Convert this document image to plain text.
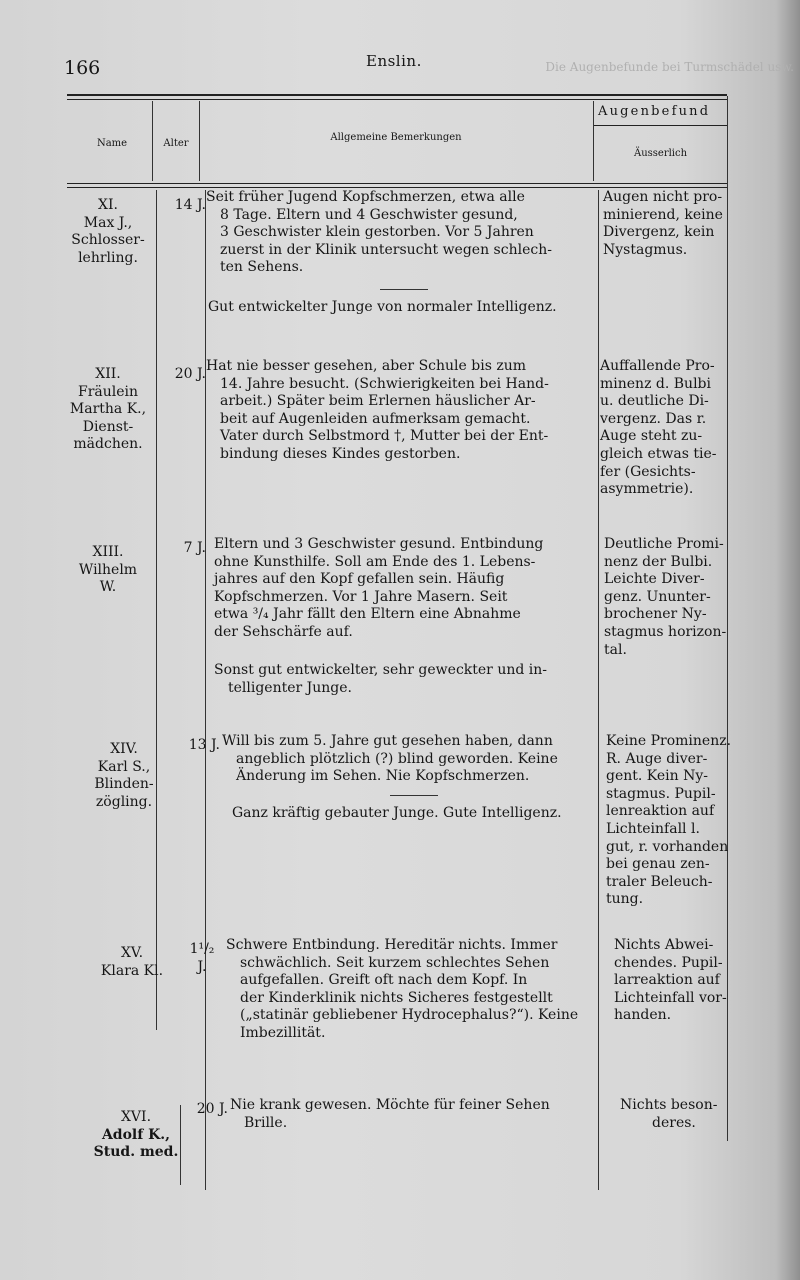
Die Augenbefunde bei Turmschädel usw.
166	Enslin.
Name	Alter
Allgemeine Bemerkungen
Augenbefund
Äusserlich
XI.
Max J.,
Schlosser-
lehrling.
14 J. Seit früher Jugend Kopfschmerzen, etwa alle
8 Tage. Eltern und 4 Geschwister gesund,
3 Geschwister klein gestorben. Vor 5 Jahren
zuerst in der Klinik untersucht wegen schlech-
ten Sehens.
Gut entwickelter Junge von normaler Intelligenz.
Augen nicht pro-
minierend, keine
Divergenz, kein
Nystagmus.
XII.
Fräulein
Martha K.,
Dienst-
mädchen.
20 J. Hat nie besser gesehen, aber Schule bis zum
14. Jahre besucht. (Schwierigkeiten bei Hand-
arbeit.) Später beim Erlernen häuslicher Ar-
beit auf Augenleiden aufmerksam gemacht.
Vater durch Selbstmord †, Mutter bei der Ent-
bindung dieses Kindes gestorben.
Auffallende Pro-
minenz d. Bulbi
u. deutliche Di-
vergenz. Das r.
Auge steht zu-
gleich etwas tie-
fer (Gesichts-
asymmetrie).
XIII.
Wilhelm
W.
7 J. Eltern und 3 Geschwister gesund. Entbindung
ohne Kunsthilfe. Soll am Ende des 1. Lebens-
jahres auf den Kopf gefallen sein. Häufig
Kopfschmerzen. Vor 1 Jahre Masern. Seit
etwa ³/₄ Jahr fällt den Eltern eine Abnahme
der Sehschärfe auf.
Sonst gut entwickelter, sehr geweckter und in-
telligenter Junge.
Deutliche Promi-
nenz der Bulbi.
Leichte Diver-
genz. Ununter-
brochener Ny-
stagmus horizon-
tal.
XIV.
Karl S.,
Blinden-
zögling.
13 J. Will bis zum 5. Jahre gut gesehen haben, dann
angeblich plötzlich (?) blind geworden. Keine
Änderung im Sehen. Nie Kopfschmerzen.
Ganz kräftig gebauter Junge. Gute Intelligenz.
Keine Prominenz.
R. Auge diver-
gent. Kein Ny-
stagmus. Pupil-
lenreaktion auf
Lichteinfall l.
gut, r. vorhanden
bei genau zen-
traler Beleuch-
tung.
XV.
Klara Kl.
1¹/₂
J.
Schwere Entbindung. Hereditär nichts. Immer
schwächlich. Seit kurzem schlechtes Sehen
aufgefallen. Greift oft nach dem Kopf. In
der Kinderklinik nichts Sicheres festgestellt
(„statinär gebliebener Hydrocephalus?“). Keine
Imbezillität.
Nichts Abwei-
chendes. Pupil-
larreaktion auf
Lichteinfall vor-
handen.
XVI.
Adolf K.,
Stud. med.
20 J. Nie krank gewesen. Möchte für feiner Sehen
Brille.
Nichts beson-
deres.
